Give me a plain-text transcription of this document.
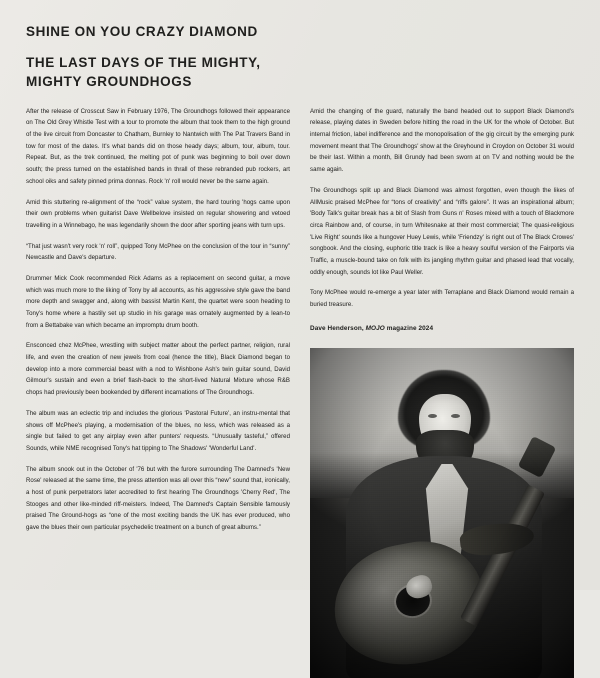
SHINE ON YOU CRAZY DIAMOND
THE LAST DAYS OF THE MIGHTY,
MIGHTY GROUNDHOGS

After the release of Crosscut Saw in February 1976, The Groundhogs followed their appearance on The Old Grey Whistle Test with a tour to promote the album that took them to the high ground of the live circuit from Doncaster to Chatham, Burnley to Nantwich with The Pat Travers Band in tow for most of the dates. It's what bands did on those heady days; album, tour, album, tour. Repeat. But, as the trek continued, the melting pot of punk was beginning to boil over down south; the press turned on the established bands in thrall of these rebranded pub rockers, art school oiks and safety pinned prima donnas. Rock 'n' roll would never be the same again.

Amid this stuttering re-alignment of the “rock” value system, the hard touring 'hogs came upon their own problems when guitarist Dave Wellbelove insisted on regular showering and vetoed travelling in a Winnebago, he was legendarily shown the door after sporting jeans with turn ups.

“That just wasn't very rock 'n' roll”, quipped Tony McPhee on the conclusion of the tour in “sunny” Newcastle and Dave's departure.

Drummer Mick Cook recommended Rick Adams as a replacement on second guitar, a move which was much more to the liking of Tony by all accounts, as his aggressive style gave the band more depth and swagger and, along with bassist Martin Kent, the quartet were soon heading to Tony's home where a hastily set up studio in his garage was ornately augmented by a lean-to from a Bettabake van which became an impromptu drum booth.

Ensconced chez McPhee, wrestling with subject matter about the perfect partner, religion, rural life, and even the creation of new jewels from coal (hence the title), Black Diamond began to develop into a more commercial beast with a nod to Wishbone Ash's twin guitar sound, David Gilmour's sustain and even a brief flash-back to the short-lived Natural Mixture whose R&B chops had previously been bookended by different incarnations of The Groundhogs.

The album was an eclectic trip and includes the glorious 'Pastoral Future', an instru-mental that shows off McPhee's playing, a modernisation of the blues, no less, which was released as a single but failed to get any airplay even after punters' requests. “Unusually tasteful,” offered Sounds, while NME recognised Tony's hat tipping to The Shadows' 'Wonderful Land'.

The album snook out in the October of '76 but with the furore surrounding The Damned's 'New Rose' released at the same time, the press attention was all over this “new” sound that, ironically, a host of punk perpetrators later accredited to first hearing The Groundhogs 'Cherry Red', The Stooges and other like-minded riff-meisters. Indeed, The Damned's Captain Sensible famously praised The Ground-hogs as “one of the most exciting bands the UK has ever produced, who gave the blues their own particular psychedelic treatment on a bunch of great albums.”

Amid the changing of the guard, naturally the band headed out to support Black Diamond's release, playing dates in Sweden before hitting the road in the UK for the whole of October. But internal friction, label indifference and the monopolisation of the gig circuit by the emerging punk movement meant that The Groundhogs' show at the Greyhound in Croydon on October 31 would be their last. Within a month, Bill Grundy had been sworn at on TV and nothing would be the same again.

The Groundhogs split up and Black Diamond was almost forgotten, even though the likes of AllMusic praised McPhee for “tons of creativity” and “riffs galore”. It was an inspirational album; 'Body Talk's guitar break has a bit of Slash from Guns n' Roses mixed with a touch of Blackmore circa Rainbow and, of course, in turn Whitesnake at their most commercial; The quasi-religious 'Live Right' sounds like a hungover Huey Lewis, while 'Friendzy' is right out of The Black Crowes' songbook. And the closing, euphoric title track is like a heavy soulful version of the Fairports via Traffic, a muscle-bound take on folk with its jangling rhythm guitar and phased lead that vocally, oddly enough, sounds lot like Paul Weller.

Tony McPhee would re-emerge a year later with Terraplane and Black Diamond would remain a buried treasure.

Dave Henderson, MOJO magazine 2024
